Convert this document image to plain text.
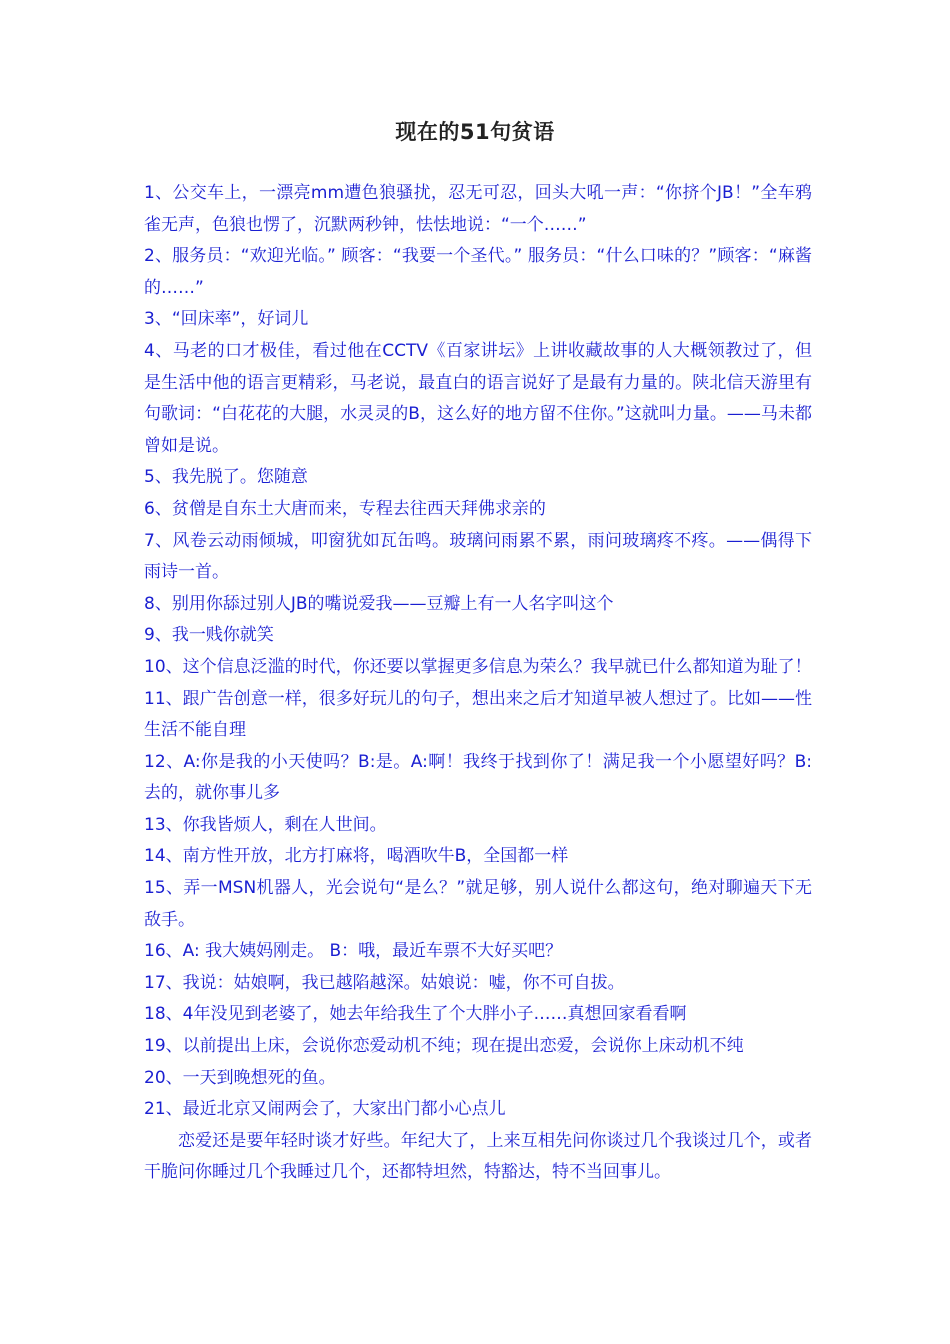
现在的51句贫语

1、公交车上，一漂亮mm遭色狼骚扰，忍无可忍，回头大吼一声：“你挤个JB！”全车鸦雀无声，色狼也愣了，沉默两秒钟，怯怯地说：“一个……”

2、服务员：“欢迎光临。” 顾客：“我要一个圣代。” 服务员：“什么口味的？”顾客：“麻酱的……”

3、“回床率”，好词儿

4、马老的口才极佳，看过他在CCTV《百家讲坛》上讲收藏故事的人大概领教过了，但是生活中他的语言更精彩，马老说，最直白的语言说好了是最有力量的。陕北信天游里有句歌词：“白花花的大腿，水灵灵的B，这么好的地方留不住你。”这就叫力量。——马未都曾如是说。

5、我先脱了。您随意

6、贫僧是自东土大唐而来，专程去往西天拜佛求亲的

7、风卷云动雨倾城，叩窗犹如瓦缶鸣。玻璃问雨累不累，雨问玻璃疼不疼。——偶得下雨诗一首。

8、别用你舔过别人JB的嘴说爱我——豆瓣上有一人名字叫这个

9、我一贱你就笑

10、这个信息泛滥的时代，你还要以掌握更多信息为荣么？我早就已什么都知道为耻了！

11、跟广告创意一样，很多好玩儿的句子，想出来之后才知道早被人想过了。比如——性生活不能自理

12、A:你是我的小天使吗？B:是。A:啊！我终于找到你了！满足我一个小愿望好吗？B:去的，就你事儿多

13、你我皆烦人，剩在人世间。

14、南方性开放，北方打麻将，喝酒吹牛B，全国都一样

15、弄一MSN机器人，光会说句“是么？”就足够，别人说什么都这句，绝对聊遍天下无敌手。

16、A: 我大姨妈刚走。 B：哦，最近车票不大好买吧？

17、我说：姑娘啊，我已越陷越深。姑娘说：嘘，你不可自拔。

18、4年没见到老婆了，她去年给我生了个大胖小子……真想回家看看啊

19、以前提出上床，会说你恋爱动机不纯；现在提出恋爱，会说你上床动机不纯

20、一天到晚想死的鱼。

21、最近北京又闹两会了，大家出门都小心点儿

恋爱还是要年轻时谈才好些。年纪大了，上来互相先问你谈过几个我谈过几个，或者干脆问你睡过几个我睡过几个，还都特坦然，特豁达，特不当回事儿。
